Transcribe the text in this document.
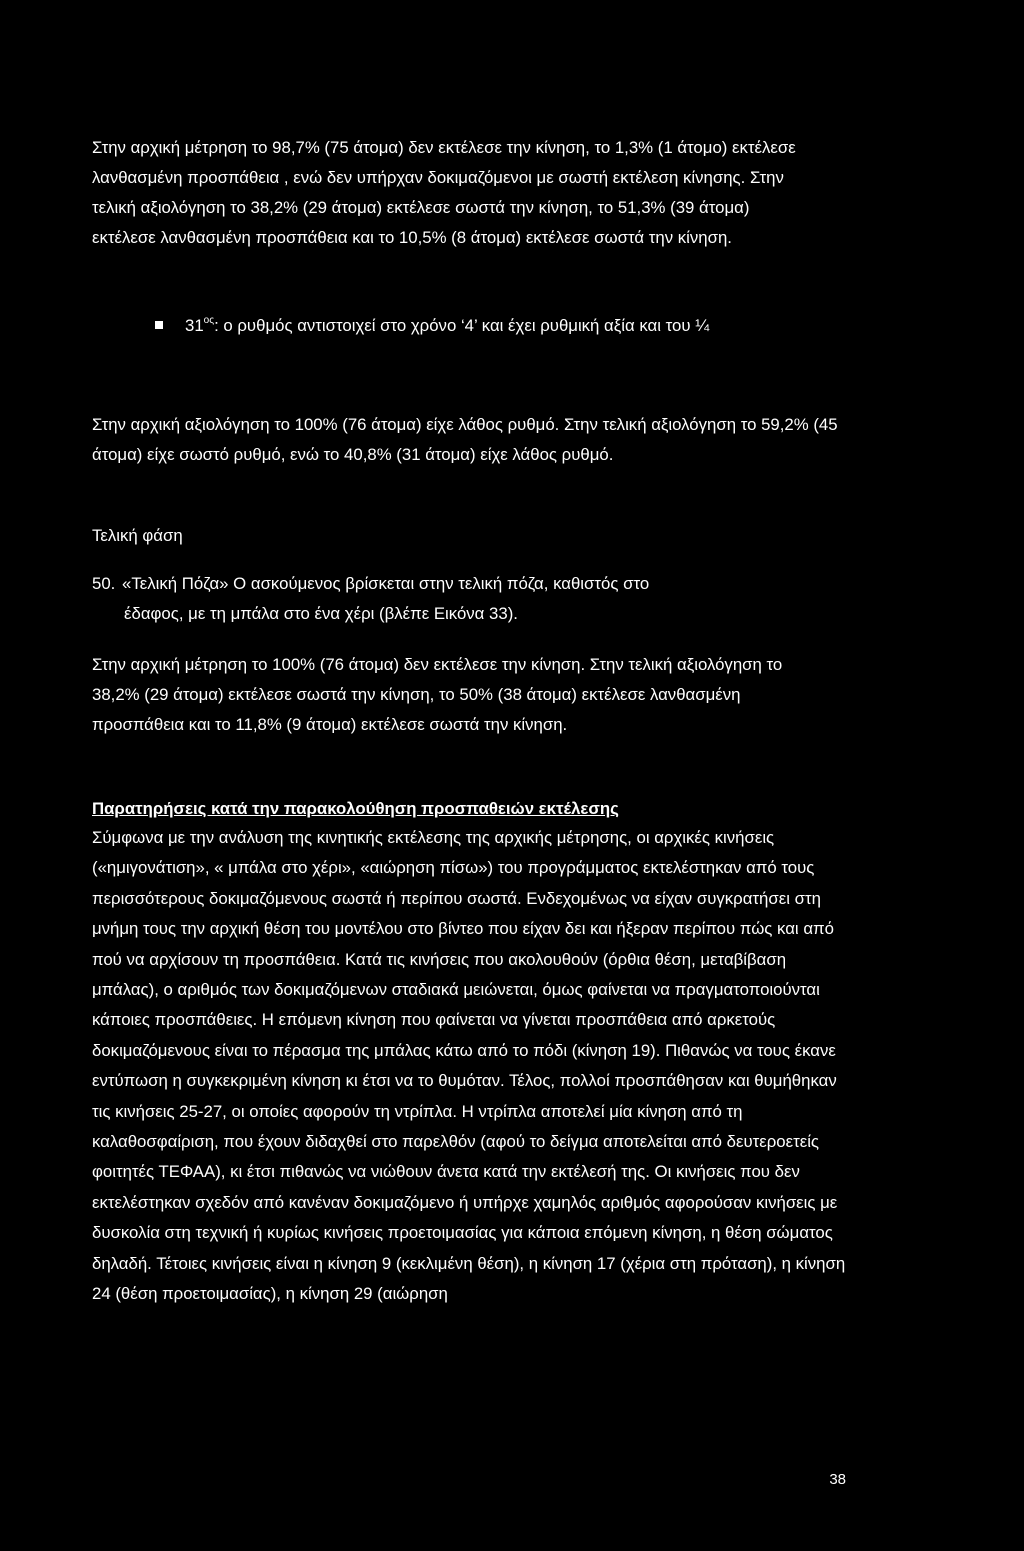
Στην αρχική μέτρηση το 98,7% (75 άτομα) δεν εκτέλεσε την κίνηση, το 1,3% (1 άτομο) εκτέλεσε λανθασμένη προσπάθεια , ενώ δεν υπήρχαν δοκιμαζόμενοι με σωστή εκτέλεση κίνησης. Στην τελική αξιολόγηση το 38,2% (29 άτομα) εκτέλεσε σωστά την κίνηση, το 51,3% (39 άτομα) εκτέλεσε λανθασμένη προσπάθεια και το 10,5% (8 άτομα) εκτέλεσε σωστά την κίνηση.

$31^{o\varsigma}$: ο ρυθμός αντιστοιχεί στο χρόνο ‘4’ και έχει ρυθμική αξία και του ¼

Στην αρχική αξιολόγηση το 100% (76 άτομα) είχε λάθος ρυθμό. Στην τελική αξιολόγηση το 59,2% (45 άτομα) είχε σωστό ρυθμό, ενώ το 40,8% (31 άτομα) είχε λάθος ρυθμό.

Τελική φάση
50. «Τελική Πόζα» Ο ασκούμενος βρίσκεται στην τελική πόζα, καθιστός στο
έδαφος, με τη μπάλα στο ένα χέρι (βλέπε Εικόνα 33).

Στην αρχική μέτρηση το 100% (76 άτομα) δεν εκτέλεσε την κίνηση. Στην τελική αξιολόγηση το 38,2% (29 άτομα) εκτέλεσε σωστά την κίνηση, το 50% (38 άτομα) εκτέλεσε λανθασμένη προσπάθεια και το 11,8% (9 άτομα) εκτέλεσε σωστά την κίνηση.

Παρατηρήσεις κατά την παρακολούθηση προσπαθειών εκτέλεσης

Σύμφωνα με την ανάλυση της κινητικής εκτέλεσης της αρχικής μέτρησης, οι αρχικές κινήσεις («ημιγονάτιση», « μπάλα στο χέρι», «αιώρηση πίσω») του προγράμματος εκτελέστηκαν από τους περισσότερους δοκιμαζόμενους σωστά ή περίπου σωστά. Ενδεχομένως να είχαν συγκρατήσει στη μνήμη τους την αρχική θέση του μοντέλου στο βίντεο που είχαν δει και ήξεραν περίπου πώς και από πού να αρχίσουν τη προσπάθεια. Κατά τις κινήσεις που ακολουθούν (όρθια θέση, μεταβίβαση μπάλας), ο αριθμός των δοκιμαζόμενων σταδιακά μειώνεται, όμως φαίνεται να πραγματοποιούνται κάποιες προσπάθειες. Η επόμενη κίνηση που φαίνεται να γίνεται προσπάθεια από αρκετούς δοκιμαζόμενους είναι το πέρασμα της μπάλας κάτω από το πόδι (κίνηση 19). Πιθανώς να τους έκανε εντύπωση η συγκεκριμένη κίνηση κι έτσι να το θυμόταν. Τέλος, πολλοί προσπάθησαν και θυμήθηκαν τις κινήσεις 25-27, οι οποίες αφορούν τη ντρίπλα. Η ντρίπλα αποτελεί μία κίνηση από τη καλαθοσφαίριση, που έχουν διδαχθεί στο παρελθόν (αφού το δείγμα αποτελείται από δευτεροετείς φοιτητές ΤΕΦΑΑ), κι έτσι πιθανώς να νιώθουν άνετα κατά την εκτέλεσή της. Οι κινήσεις που δεν εκτελέστηκαν σχεδόν από κανέναν δοκιμαζόμενο ή υπήρχε χαμηλός αριθμός αφορούσαν κινήσεις με δυσκολία στη τεχνική ή κυρίως κινήσεις προετοιμασίας για κάποια επόμενη κίνηση, η θέση σώματος δηλαδή. Τέτοιες κινήσεις είναι η κίνηση 9 (κεκλιμένη θέση), η κίνηση 17 (χέρια στη πρόταση), η κίνηση 24 (θέση προετοιμασίας), η κίνηση 29 (αιώρηση

38
